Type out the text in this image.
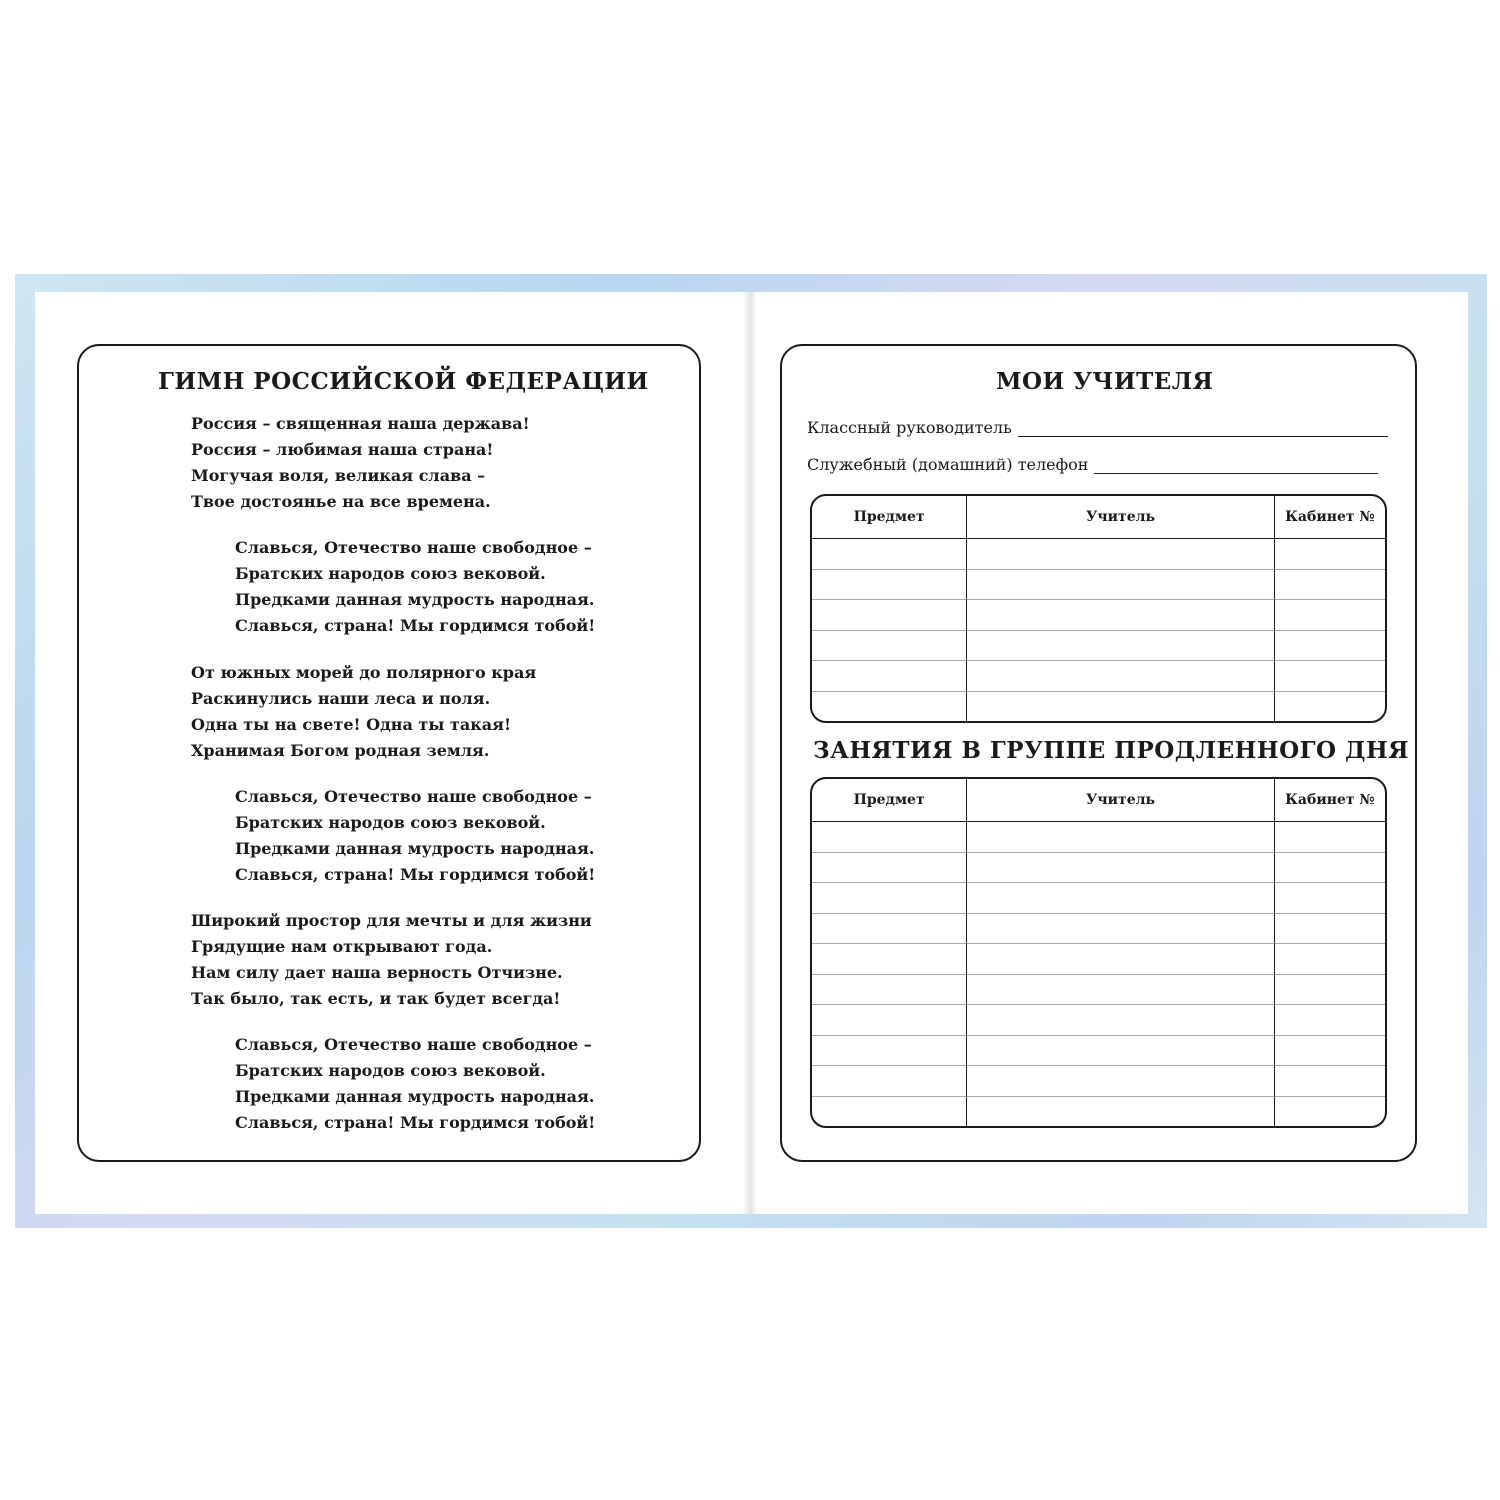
ГИМН РОССИЙСКОЙ ФЕДЕРАЦИИ
Россия – священная наша держава!
Россия – любимая наша страна!
Могучая воля, великая слава –
Твое достоянье на все времена.
Славься, Отечество наше свободное –
Братских народов союз вековой.
Предками данная мудрость народная.
Славься, страна! Мы гордимся тобой!
От южных морей до полярного края
Раскинулись наши леса и поля.
Одна ты на свете! Одна ты такая!
Хранимая Богом родная земля.
Славься, Отечество наше свободное –
Братских народов союз вековой.
Предками данная мудрость народная.
Славься, страна! Мы гордимся тобой!
Широкий простор для мечты и для жизни
Грядущие нам открывают года.
Нам силу дает наша верность Отчизне.
Так было, так есть, и так будет всегда!
Славься, Отечество наше свободное –
Братских народов союз вековой.
Предками данная мудрость народная.
Славься, страна! Мы гордимся тобой!
МОИ УЧИТЕЛЯ
Классный руководитель
Служебный (домашний) телефон
Предмет	Учитель	Кабинет №

ЗАНЯТИЯ В ГРУППЕ ПРОДЛЕННОГО ДНЯ
Предмет	Учитель	Кабинет №
